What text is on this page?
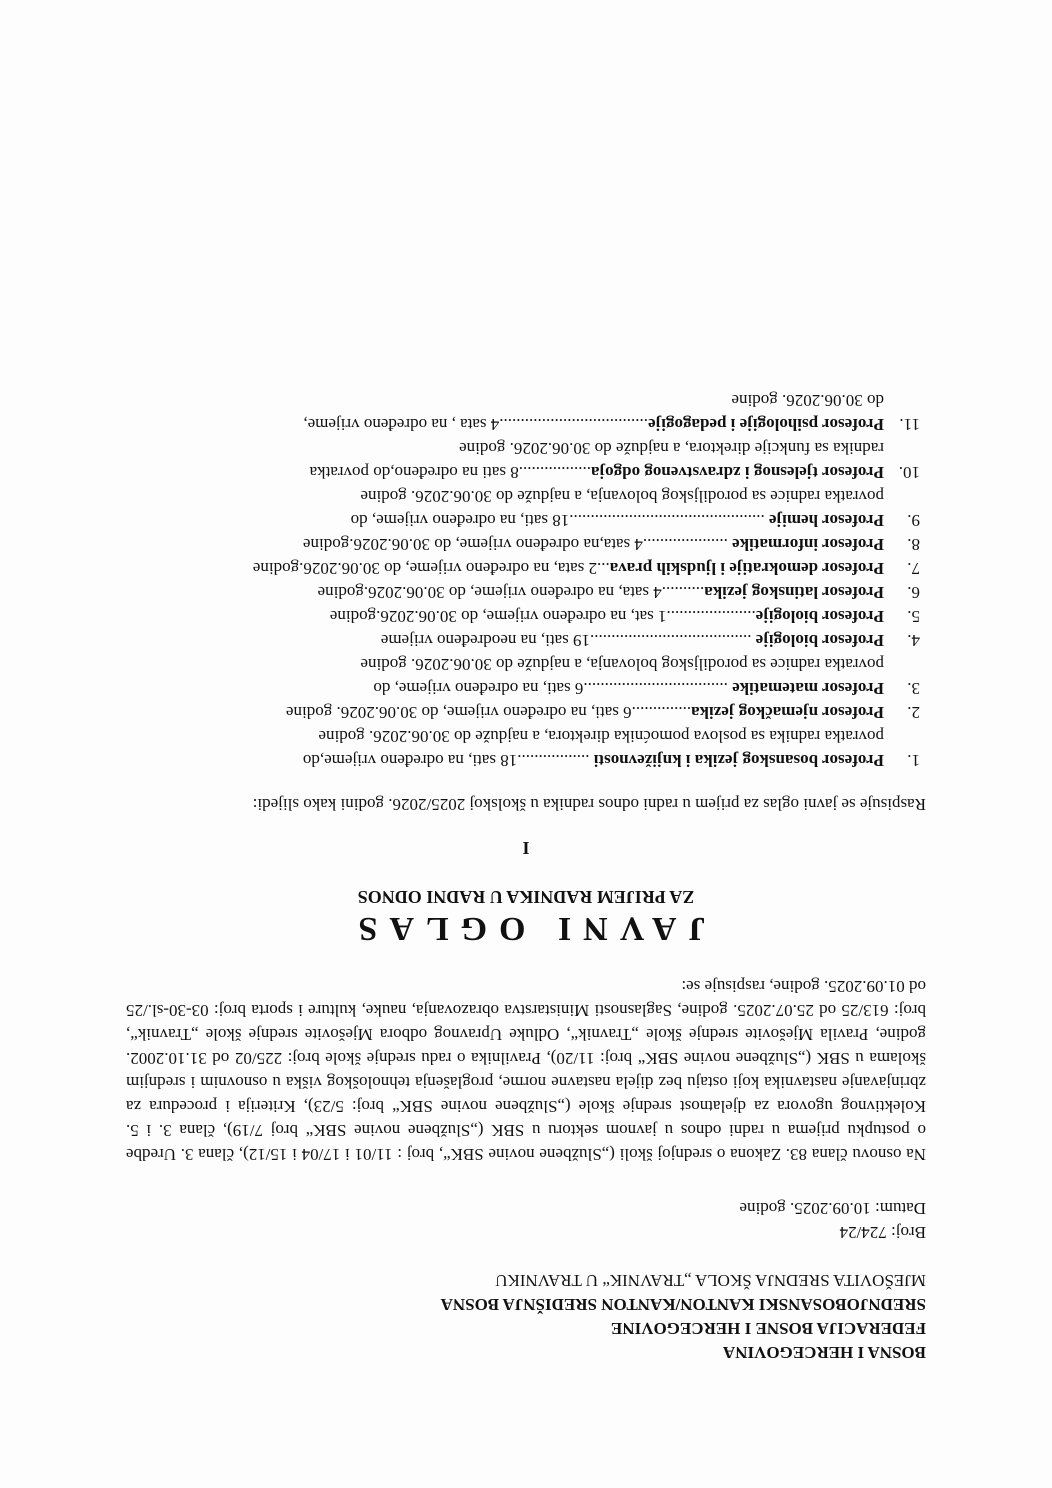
BOSNA I HERCEGOVINA

FEDERACIJA BOSNE I HERCEGOVINE

SREDNJOBOSANSKI KANTON/KANTON SREDIŠNJA BOSNA

MJEŠOVITA SREDNJA ŠKOLA „TRAVNIK“ U TRAVNIKU

Broj: 724/24
Datum: 10.09.2025. godine
Na osnovu člana 83. Zakona o srednjoj školi („Službene novine SBK“, broj : 11/01 i 17/04 i 15/12), člana 3. Uredbe o postupku prijema u radni odnos u javnom sektoru u SBK („Službene novine SBK“ broj 7/19), člana 3. i 5. Kolektivnog ugovora za djelatnost srednje škole („Službene novine SBK“ broj: 5/23), Kriterija i procedura za zbrinjavanje nastavnika koji ostaju bez dijela nastavne norme, proglašenja tehnološkog viška u osnovnim i srednjim školama u SBK („Službene novine SBK“ broj: 11/20), Pravilnika o radu srednje škole broj: 225/02 od 31.10.2002. godine, Pravila Mješovite srednje škole „Travnik“, Odluke Upravnog odbora Mješovite srednje škole „Travnik“, broj: 613/25 od 25.07.2025. godine, Saglasnosti Ministarstva obrazovanja, nauke, kulture i sporta broj: 03-30-sl./25 od 01.09.2025. godine, raspisuje se:
JAVNI OGLAS
ZA PRIJEM RADNIKA U RADNI ODNOS
I
Raspisuje se javni oglas za prijem u radni odnos radnika u školskoj 2025/2026. godini kako slijedi:
1.
Profesor bosanskog jezika i književnosti .................18 sati, na određeno vrijeme,do
povratka radnika sa poslova pomoćnika direktora, a najduže do 30.06.2026. godine
2.
Profesor njemačkog jezika..............6 sati, na određeno vrijeme, do 30.06.2026. godine
3.
Profesor matematike ..................................6 sati, na određeno vrijeme, do
povratka radnice sa porodiljskog bolovanja, a najduže do 30.06.2026. godine
4.
Profesor biologije ......................................19 sati, na neodređeno vrijeme
5.
Profesor biologije.....................1 sat, na određeno vrijeme, do 30.06.2026.godine
6.
Profesor latinskog jezika..........4 sata, na određeno vrijeme, do 30.06.2026.godine
7.
Profesor demokratije i ljudskih prava...2 sata, na određeno vrijeme, do 30.06.2026.godine
8.
Profesor informatike ....................4 sata,na određeno vrijeme, do 30.06.2026.godine
9.
Profesor hemije ..............................................18 sati, na određeno vrijeme, do
povratka radnice sa porodiljskog bolovanja, a najduže do 30.06.2026. godine
10.
Profesor tjelesnog i zdravstvenog odgoja.................8 sati na određeno,do povratka
radnika sa funkcije direktora, a najduže do 30.06.2026. godine
11.
Profesor psihologije i pedagogije...................................4 sata , na određeno vrijeme,
do 30.06.2026. godine
